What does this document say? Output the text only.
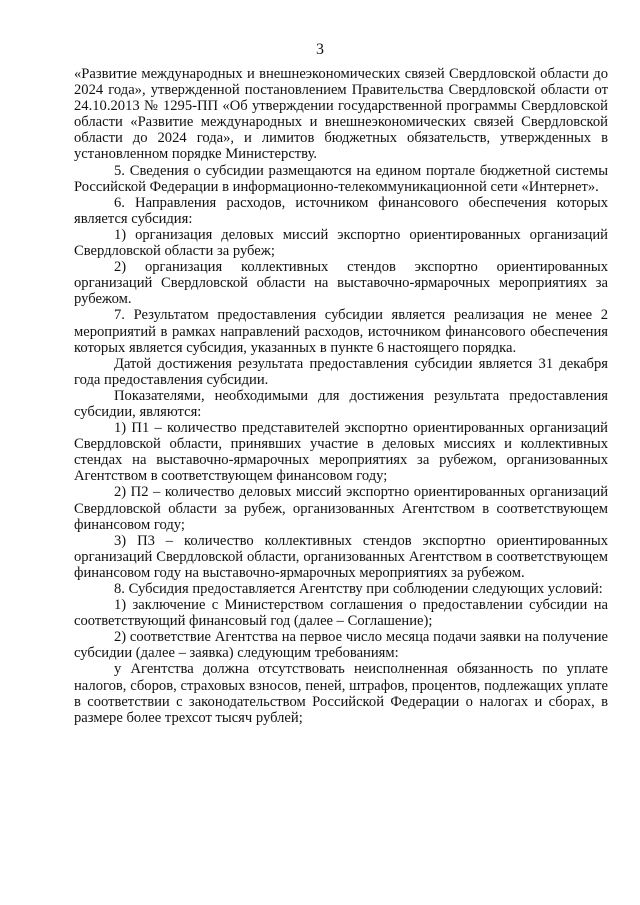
3

«Развитие международных и внешнеэкономических связей Свердловской области до 2024 года», утвержденной постановлением Правительства Свердловской области от 24.10.2013 № 1295-ПП «Об утверждении государственной программы Свердловской области «Развитие международных и внешнеэкономических связей Свердловской области до 2024 года», и лимитов бюджетных обязательств, утвержденных в установленном порядке Министерству.

5. Сведения о субсидии размещаются на едином портале бюджетной системы Российской Федерации в информационно-телекоммуникационной сети «Интернет».

6. Направления расходов, источником финансового обеспечения которых является субсидия:

1) организация деловых миссий экспортно ориентированных организаций Свердловской области за рубеж;

2) организация коллективных стендов экспортно ориентированных организаций Свердловской области на выставочно-ярмарочных мероприятиях за рубежом.

7. Результатом предоставления субсидии является реализация не менее 2 мероприятий в рамках направлений расходов, источником финансового обеспечения которых является субсидия, указанных в пункте 6 настоящего порядка.

Датой достижения результата предоставления субсидии является 31 декабря года предоставления субсидии.

Показателями, необходимыми для достижения результата предоставления субсидии, являются:

1) П1 – количество представителей экспортно ориентированных организаций Свердловской области, принявших участие в деловых миссиях и коллективных стендах на выставочно-ярмарочных мероприятиях за рубежом, организованных Агентством в соответствующем финансовом году;

2) П2 – количество деловых миссий экспортно ориентированных организаций Свердловской области за рубеж, организованных Агентством в соответствующем финансовом году;

3) П3 – количество коллективных стендов экспортно ориентированных организаций Свердловской области, организованных Агентством в соответствующем финансовом году на выставочно-ярмарочных мероприятиях за рубежом.

8. Субсидия предоставляется Агентству при соблюдении следующих условий:

1) заключение с Министерством соглашения о предоставлении субсидии на соответствующий финансовый год (далее – Соглашение);

2) соответствие Агентства на первое число месяца подачи заявки на получение субсидии (далее – заявка) следующим требованиям:

у Агентства должна отсутствовать неисполненная обязанность по уплате налогов, сборов, страховых взносов, пеней, штрафов, процентов, подлежащих уплате в соответствии с законодательством Российской Федерации о налогах и сборах, в размере более трехсот тысяч рублей;
